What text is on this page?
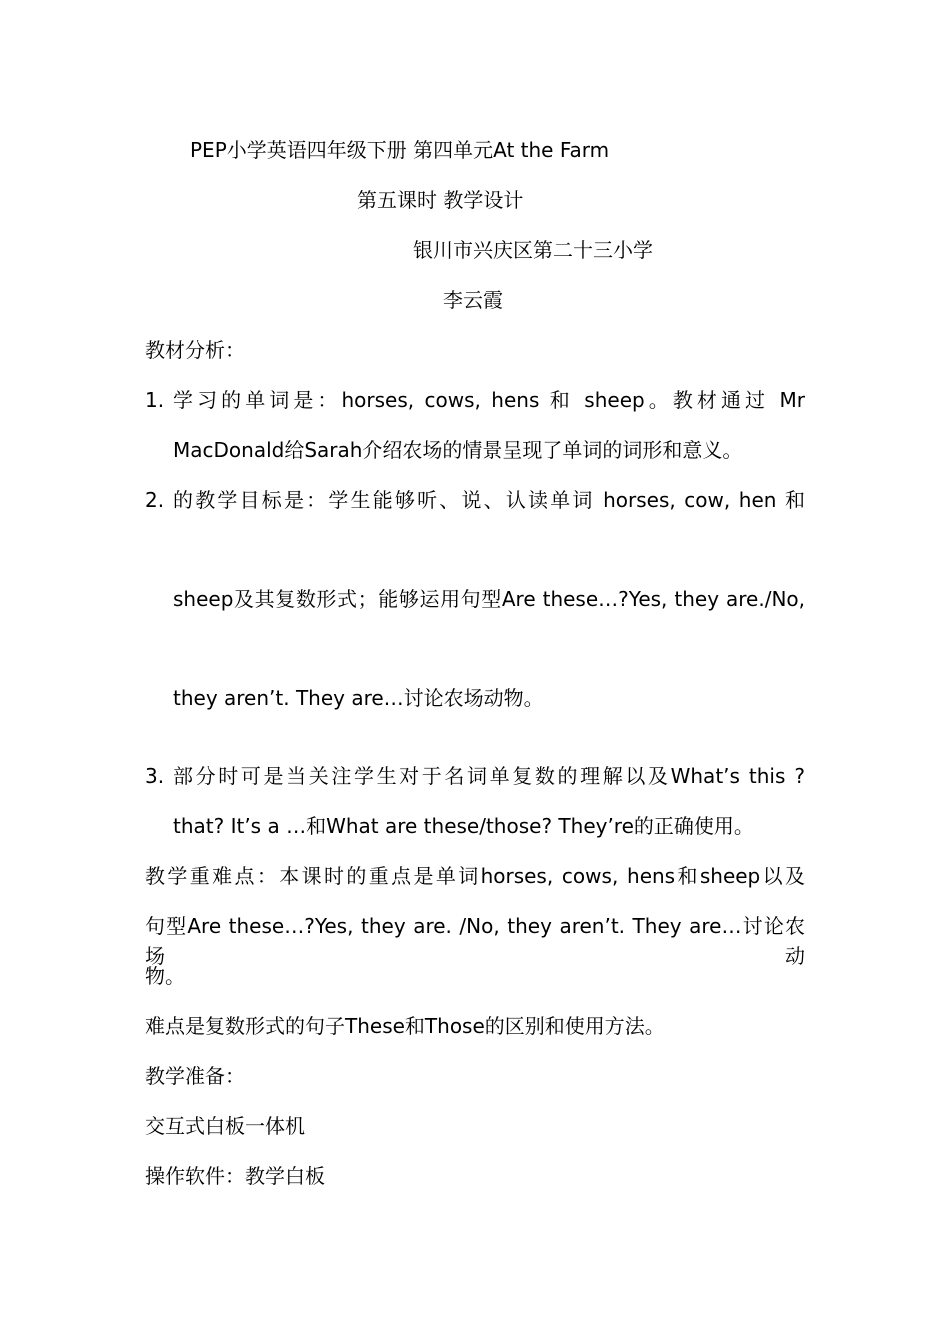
PEP小学英语四年级下册 第四单元At the Farm
第五课时 教学设计
银川市兴庆区第二十三小学
李云霞
教材分析：
1. 学习的单词是：horses, cows, hens 和 sheep。教材通过 Mr
MacDonald给Sarah介绍农场的情景呈现了单词的词形和意义。
2. 的教学目标是：学生能够听、说、认读单词 horses, cow, hen 和
sheep及其复数形式；能够运用句型Are these…?Yes, they are./No,
they aren’t. They are…讨论农场动物。
3. 部分时可是当关注学生对于名词单复数的理解以及What’s this ?
that? It’s a …和What are these/those? They’re的正确使用。
教学重难点：本课时的重点是单词horses, cows, hens和sheep以及
句型Are these…?Yes, they are. /No, they aren’t. They are…讨论农场动
物。
难点是复数形式的句子These和Those的区别和使用方法。
教学准备：
交互式白板一体机
操作软件：教学白板
